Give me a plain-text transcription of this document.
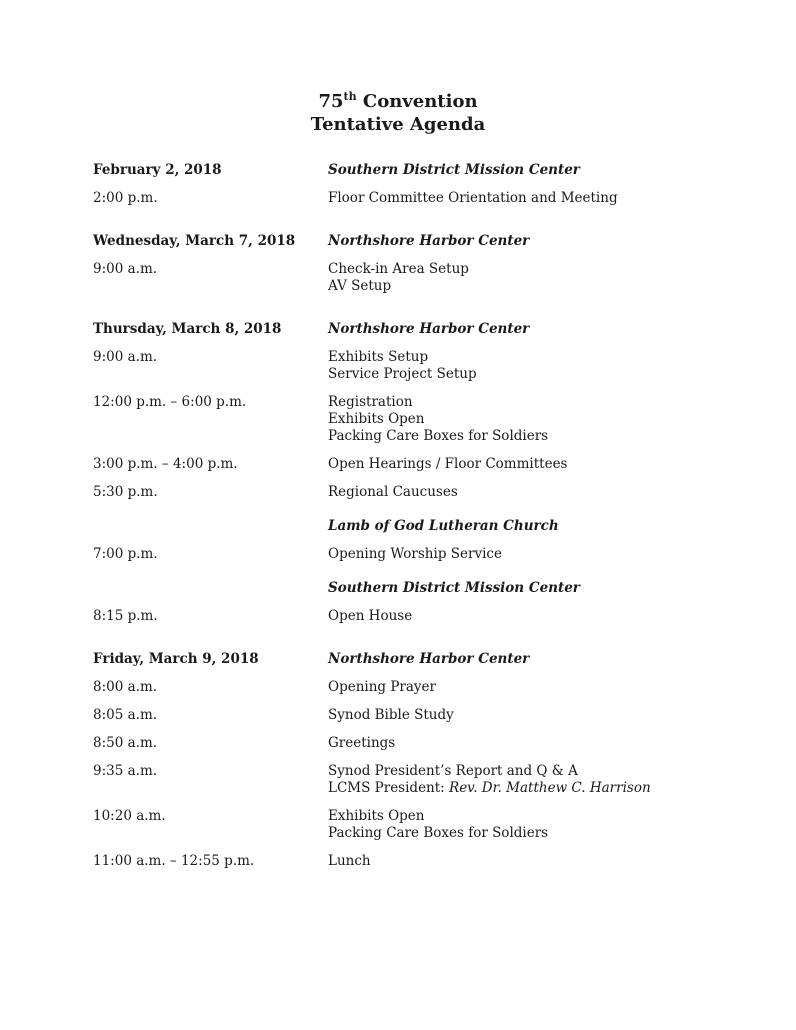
75th Convention
Tentative Agenda
February 2, 2018	Southern District Mission Center
2:00 p.m.	Floor Committee Orientation and Meeting
Wednesday, March 7, 2018	Northshore Harbor Center
9:00 a.m.	Check-in Area Setup
AV Setup
Thursday, March 8, 2018	Northshore Harbor Center
9:00 a.m.	Exhibits Setup
Service Project Setup
12:00 p.m. – 6:00 p.m.	Registration
Exhibits Open
Packing Care Boxes for Soldiers
3:00 p.m. – 4:00 p.m.	Open Hearings / Floor Committees
5:30 p.m.	Regional Caucuses
Lamb of God Lutheran Church
7:00 p.m.	Opening Worship Service
Southern District Mission Center
8:15 p.m.	Open House
Friday, March 9, 2018	Northshore Harbor Center
8:00 a.m.	Opening Prayer
8:05 a.m.	Synod Bible Study
8:50 a.m.	Greetings
9:35 a.m.	Synod President’s Report and Q & A
LCMS President: Rev. Dr. Matthew C. Harrison
10:20 a.m.	Exhibits Open
Packing Care Boxes for Soldiers
11:00 a.m. – 12:55 p.m.	Lunch
